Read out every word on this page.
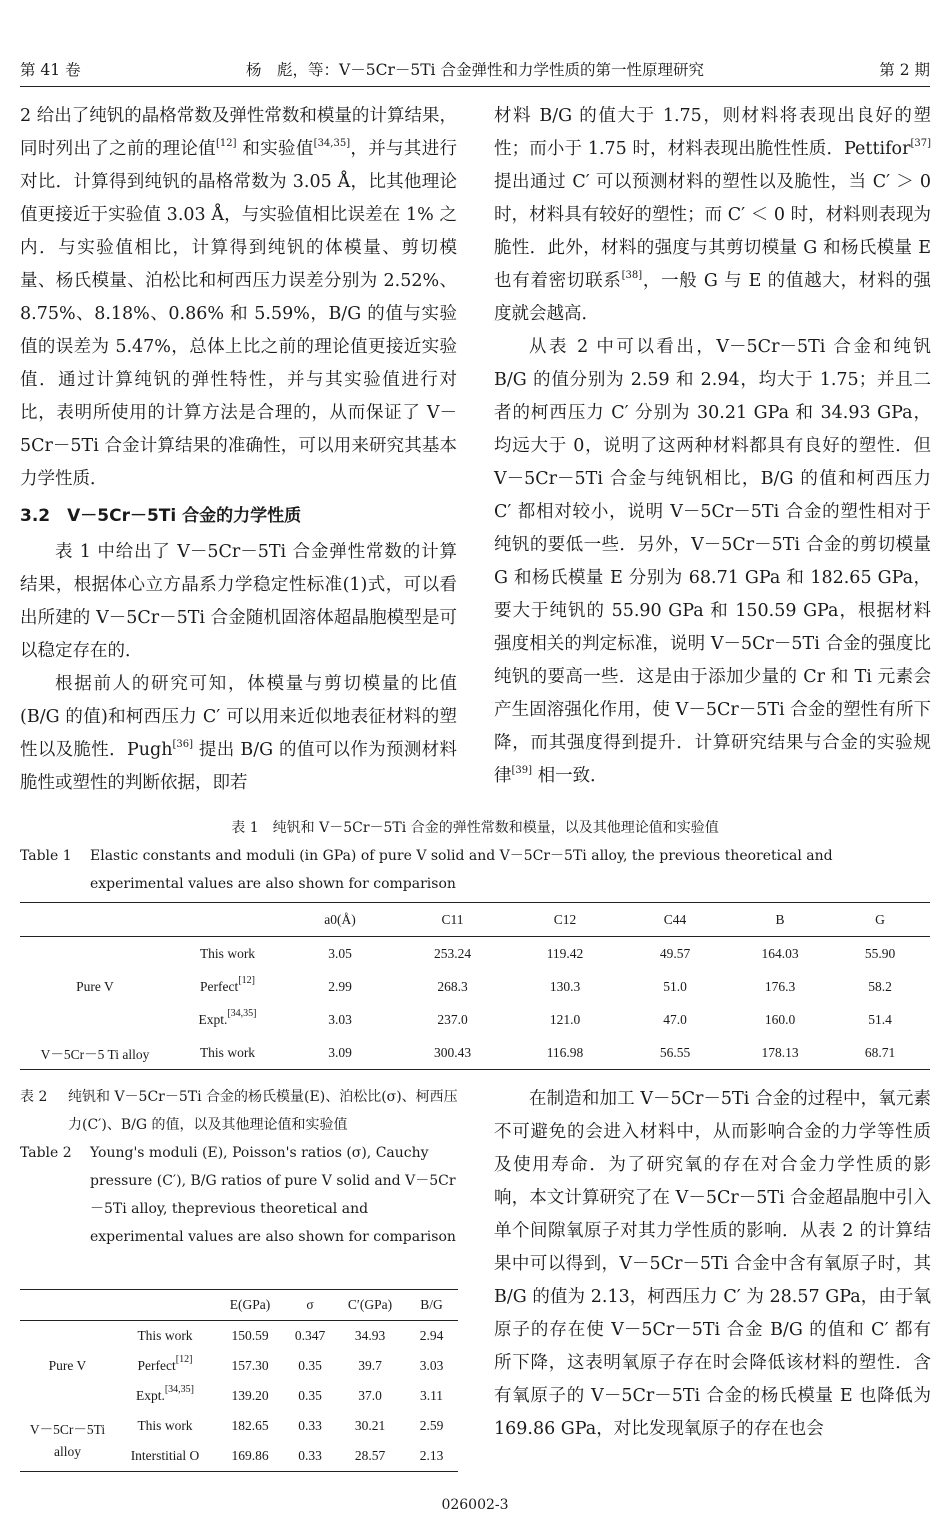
第 41 卷	杨　彪，等：V－5Cr－5Ti 合金弹性和力学性质的第一性原理研究	第 2 期

2 给出了纯钒的晶格常数及弹性常数和模量的计算结果，同时列出了之前的理论值[12] 和实验值[34,35]，并与其进行对比．计算得到纯钒的晶格常数为 3.05 Å，比其他理论值更接近于实验值 3.03 Å，与实验值相比误差在 1% 之内．与实验值相比，计算得到纯钒的体模量、剪切模量、杨氏模量、泊松比和柯西压力误差分别为 2.52%、8.75%、8.18%、0.86% 和 5.59%，B/G 的值与实验值的误差为 5.47%，总体上比之前的理论值更接近实验值．通过计算纯钒的弹性特性，并与其实验值进行对比，表明所使用的计算方法是合理的，从而保证了 V－5Cr－5Ti 合金计算结果的准确性，可以用来研究其基本力学性质．

3.2　V－5Cr－5Ti 合金的力学性质

表 1 中给出了 V－5Cr－5Ti 合金弹性常数的计算结果，根据体心立方晶系力学稳定性标准(1)式，可以看出所建的 V－5Cr－5Ti 合金随机固溶体超晶胞模型是可以稳定存在的．

根据前人的研究可知，体模量与剪切模量的比值(B/G 的值)和柯西压力 C′ 可以用来近似地表征材料的塑性以及脆性．Pugh[36] 提出 B/G 的值可以作为预测材料脆性或塑性的判断依据，即若

材料 B/G 的值大于 1.75，则材料将表现出良好的塑性；而小于 1.75 时，材料表现出脆性性质．Pettifor[37] 提出通过 C′ 可以预测材料的塑性以及脆性，当 C′ ＞ 0 时，材料具有较好的塑性；而 C′ ＜ 0 时，材料则表现为脆性．此外，材料的强度与其剪切模量 G 和杨氏模量 E 也有着密切联系[38]，一般 G 与 E 的值越大，材料的强度就会越高．

从表 2 中可以看出，V－5Cr－5Ti 合金和纯钒 B/G 的值分别为 2.59 和 2.94，均大于 1.75；并且二者的柯西压力 C′ 分别为 30.21 GPa 和 34.93 GPa，均远大于 0，说明了这两种材料都具有良好的塑性．但 V－5Cr－5Ti 合金与纯钒相比，B/G 的值和柯西压力 C′ 都相对较小，说明 V－5Cr－5Ti 合金的塑性相对于纯钒的要低一些．另外，V－5Cr－5Ti 合金的剪切模量 G 和杨氏模量 E 分别为 68.71 GPa 和 182.65 GPa，要大于纯钒的 55.90 GPa 和 150.59 GPa，根据材料强度相关的判定标准，说明 V－5Cr－5Ti 合金的强度比纯钒的要高一些．这是由于添加少量的 Cr 和 Ti 元素会产生固溶强化作用，使 V－5Cr－5Ti 合金的塑性有所下降，而其强度得到提升．计算研究结果与合金的实验规律[39] 相一致．

表 1　纯钒和 V－5Cr－5Ti 合金的弹性常数和模量，以及其他理论值和实验值
Table 1 Elastic constants and moduli (in GPa) of pure V solid and V－5Cr－5Ti alloy, the previous theoretical and experimental values are also shown for comparison
		a0(Å)	C11	C12	C44	B	G
Pure V	This work	3.05	253.24	119.42	49.57	164.03	55.90
	Perfect[12]	2.99	268.3	130.3	51.0	176.3	58.2
	Expt.[34,35]	3.03	237.0	121.0	47.0	160.0	51.4
V－5Cr－5 Ti alloy	This work	3.09	300.43	116.98	56.55	178.13	68.71
表 2 纯钒和 V－5Cr－5Ti 合金的杨氏模量(E)、泊松比(σ)、柯西压力(C′)、B/G 的值，以及其他理论值和实验值
Table 2 Young's moduli (E), Poisson's ratios (σ), Cauchy pressure (C′), B/G ratios of pure V solid and V－5Cr－5Ti alloy, theprevious theoretical and experimental values are also shown for comparison
		E(GPa)	σ	C′(GPa)	B/G
Pure V	This work	150.59	0.347	34.93	2.94
	Perfect[12]	157.30	0.35	39.7	3.03
	Expt.[34,35]	139.20	0.35	37.0	3.11
V－5Cr－5Ti alloy	This work	182.65	0.33	30.21	2.59
	Interstitial O	169.86	0.33	28.57	2.13

在制造和加工 V－5Cr－5Ti 合金的过程中，氧元素不可避免的会进入材料中，从而影响合金的力学等性质及使用寿命．为了研究氧的存在对合金力学性质的影响，本文计算研究了在 V－5Cr－5Ti 合金超晶胞中引入单个间隙氧原子对其力学性质的影响．从表 2 的计算结果中可以得到，V－5Cr－5Ti 合金中含有氧原子时，其 B/G 的值为 2.13，柯西压力 C′ 为 28.57 GPa，由于氧原子的存在使 V－5Cr－5Ti 合金 B/G 的值和 C′ 都有所下降，这表明氧原子存在时会降低该材料的塑性．含有氧原子的 V－5Cr－5Ti 合金的杨氏模量 E 也降低为 169.86 GPa，对比发现氧原子的存在也会

026002-3
